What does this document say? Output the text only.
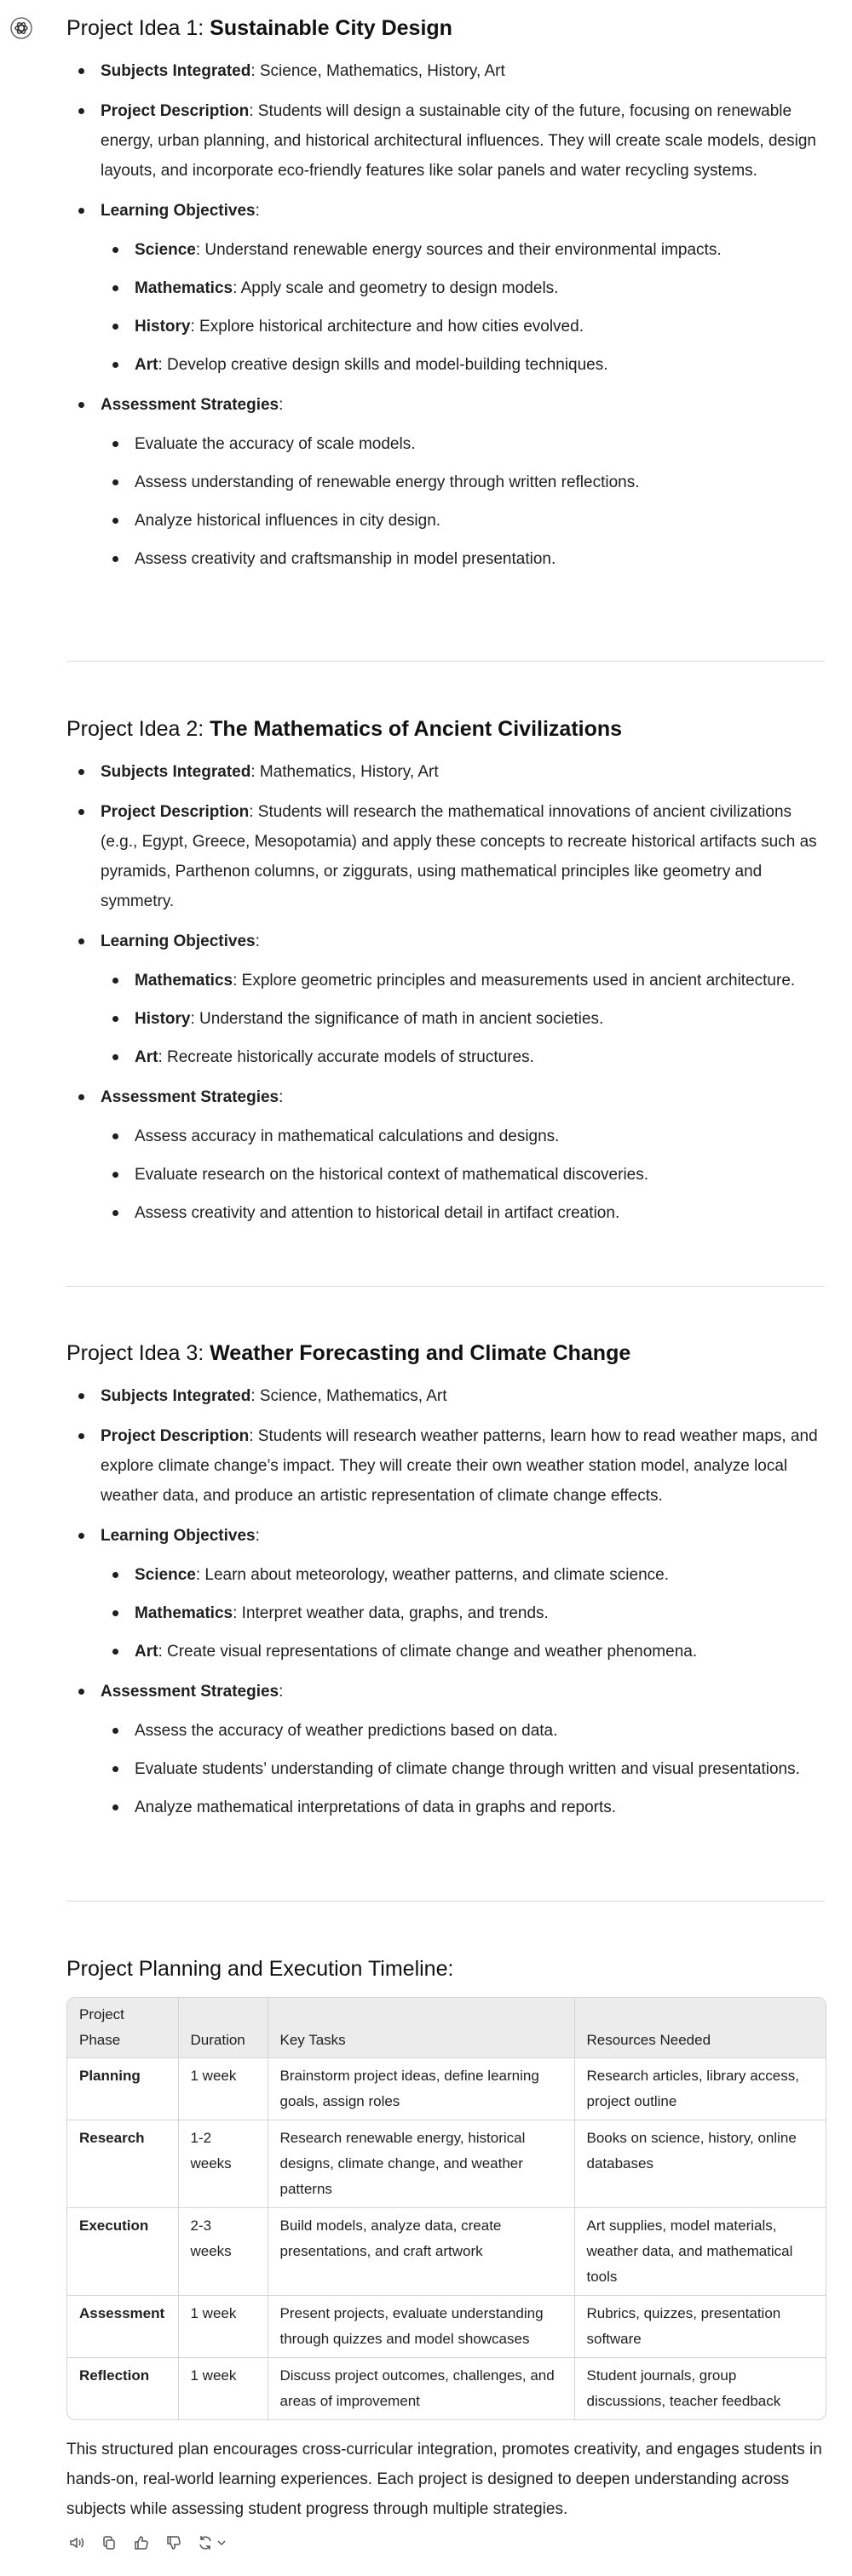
Project Idea 1: Sustainable City Design
Subjects Integrated: Science, Mathematics, History, Art
Project Description: Students will design a sustainable city of the future, focusing on renewable energy, urban planning, and historical architectural influences. They will create scale models, design layouts, and incorporate eco-friendly features like solar panels and water recycling systems.
Learning Objectives:
Science: Understand renewable energy sources and their environmental impacts.
Mathematics: Apply scale and geometry to design models.
History: Explore historical architecture and how cities evolved.
Art: Develop creative design skills and model-building techniques.
Assessment Strategies:
Evaluate the accuracy of scale models.
Assess understanding of renewable energy through written reflections.
Analyze historical influences in city design.
Assess creativity and craftsmanship in model presentation.
Project Idea 2: The Mathematics of Ancient Civilizations
Subjects Integrated: Mathematics, History, Art
Project Description: Students will research the mathematical innovations of ancient civilizations (e.g., Egypt, Greece, Mesopotamia) and apply these concepts to recreate historical artifacts such as pyramids, Parthenon columns, or ziggurats, using mathematical principles like geometry and symmetry.
Learning Objectives:
Mathematics: Explore geometric principles and measurements used in ancient architecture.
History: Understand the significance of math in ancient societies.
Art: Recreate historically accurate models of structures.
Assessment Strategies:
Assess accuracy in mathematical calculations and designs.
Evaluate research on the historical context of mathematical discoveries.
Assess creativity and attention to historical detail in artifact creation.
Project Idea 3: Weather Forecasting and Climate Change
Subjects Integrated: Science, Mathematics, Art
Project Description: Students will research weather patterns, learn how to read weather maps, and explore climate change’s impact. They will create their own weather station model, analyze local weather data, and produce an artistic representation of climate change effects.
Learning Objectives:
Science: Learn about meteorology, weather patterns, and climate science.
Mathematics: Interpret weather data, graphs, and trends.
Art: Create visual representations of climate change and weather phenomena.
Assessment Strategies:
Assess the accuracy of weather predictions based on data.
Evaluate students’ understanding of climate change through written and visual presentations.
Analyze mathematical interpretations of data in graphs and reports.
Project Planning and Execution Timeline:
Project Phase	Duration	Key Tasks	Resources Needed
Planning	1 week	Brainstorm project ideas, define learning goals, assign roles	Research articles, library access, project outline
Research	1-2 weeks	Research renewable energy, historical designs, climate change, and weather patterns	Books on science, history, online databases
Execution	2-3 weeks	Build models, analyze data, create presentations, and craft artwork	Art supplies, model materials, weather data, and mathematical tools
Assessment	1 week	Present projects, evaluate understanding through quizzes and model showcases	Rubrics, quizzes, presentation software
Reflection	1 week	Discuss project outcomes, challenges, and areas of improvement	Student journals, group discussions, teacher feedback

This structured plan encourages cross-curricular integration, promotes creativity, and engages students in hands-on, real-world learning experiences. Each project is designed to deepen understanding across subjects while assessing student progress through multiple strategies.
